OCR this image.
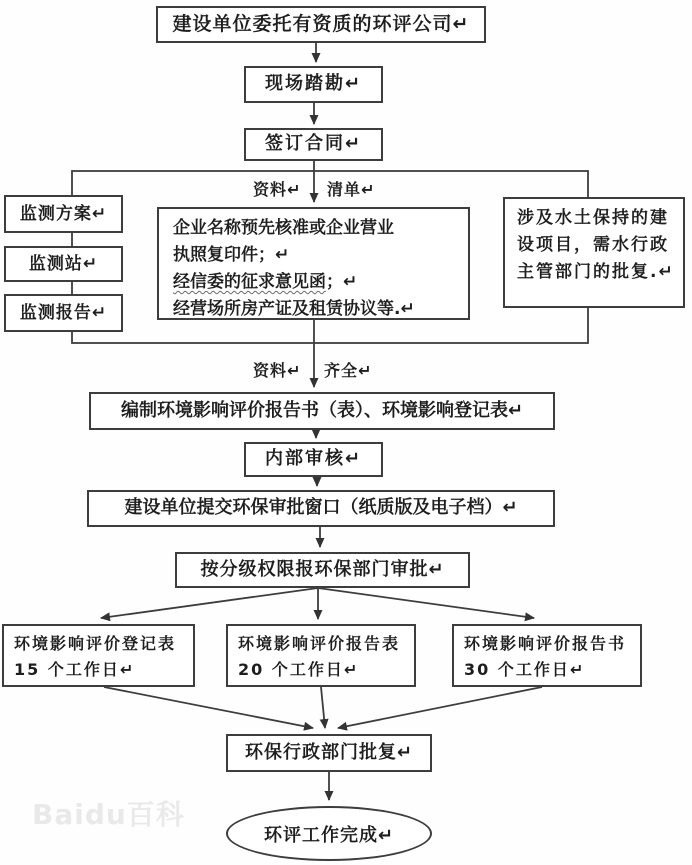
建设单位委托有资质的环评公司↵
现场踏勘↵
签订合同↵
资料↵ 清单↵
监测方案↵
监测站↵
监测报告↵
企业名称预先核准或企业营业
执照复印件；↵
经信委的征求意见函；↵
经营场所房产证及租赁协议等.↵
涉及水土保持的建设项目，需水行政主管部门的批复.↵
资料↵ 齐全↵
编制环境影响评价报告书（表）、环境影响登记表↵
内部审核↵
建设单位提交环保审批窗口（纸质版及电子档）↵
按分级权限报环保部门审批↵
环境影响评价登记表 15 个工作日↵
环境影响评价报告表 20 个工作日↵
环境影响评价报告书 30 个工作日↵
环保行政部门批复↵
环评工作完成↵
Baidu百科
